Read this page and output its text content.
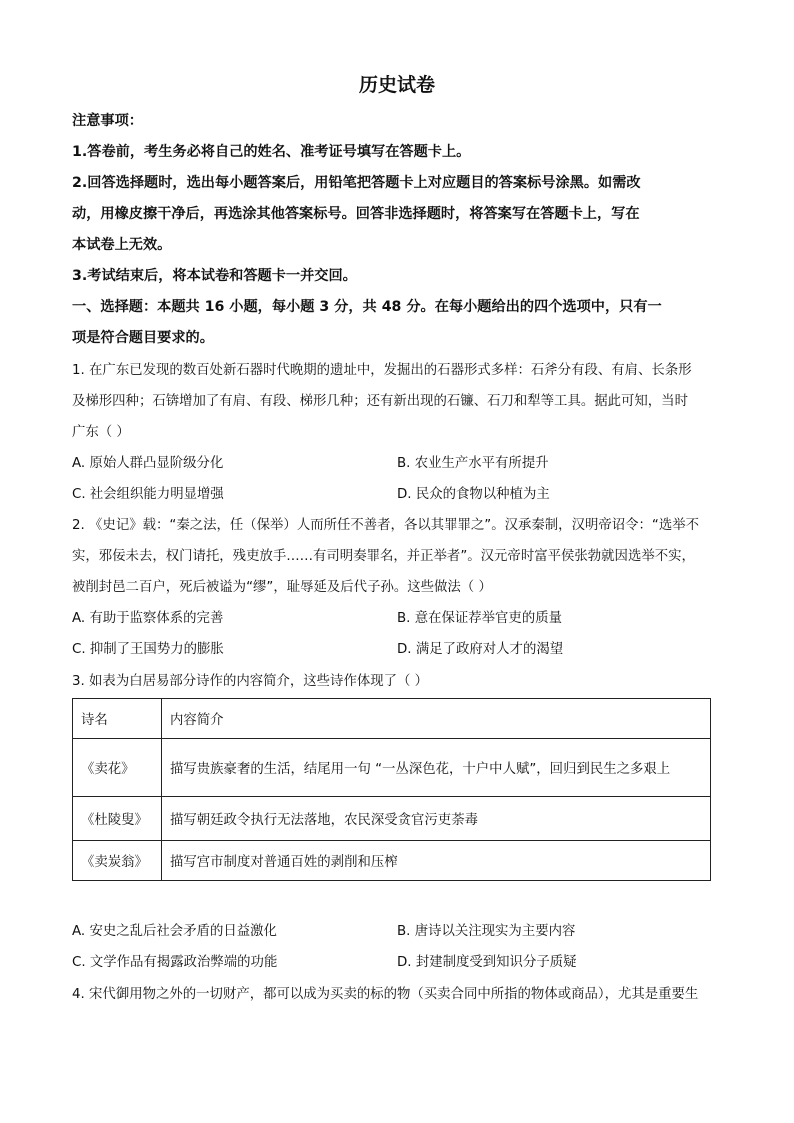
历史试卷
注意事项：
1.答卷前，考生务必将自己的姓名、准考证号填写在答题卡上。
2.回答选择题时，选出每小题答案后，用铅笔把答题卡上对应题目的答案标号涂黑。如需改
动，用橡皮擦干净后，再选涂其他答案标号。回答非选择题时，将答案写在答题卡上，写在
本试卷上无效。
3.考试结束后，将本试卷和答题卡一并交回。
一、选择题：本题共 16 小题，每小题 3 分，共 48 分。在每小题给出的四个选项中，只有一
项是符合题目要求的。
1. 在广东已发现的数百处新石器时代晚期的遗址中，发掘出的石器形式多样：石斧分有段、有肩、长条形
及梯形四种；石锛增加了有肩、有段、梯形几种；还有新出现的石镰、石刀和犁等工具。据此可知，当时
广东（ ）
A. 原始人群凸显阶级分化	B. 农业生产水平有所提升
C. 社会组织能力明显增强	D. 民众的食物以种植为主
2. 《史记》载：“秦之法，任（保举）人而所任不善者，各以其罪罪之”。汉承秦制，汉明帝诏令：“选举不
实，邪佞未去，权门请托，残吏放手……有司明奏罪名，并正举者”。汉元帝时富平侯张勃就因选举不实，
被削封邑二百户，死后被谥为“缪”，耻辱延及后代子孙。这些做法（ ）
A. 有助于监察体系的完善	B. 意在保证荐举官吏的质量
C. 抑制了王国势力的膨胀	D. 满足了政府对人才的渴望
3. 如表为白居易部分诗作的内容简介，这些诗作体现了（ ）
诗名	内容简介
《卖花》	描写贵族豪奢的生活，结尾用一句 “一丛深色花，十户中人赋”，回归到民生之多艰上
《杜陵叟》	描写朝廷政令执行无法落地，农民深受贪官污吏荼毒
《卖炭翁》	描写宫市制度对普通百姓的剥削和压榨
A. 安史之乱后社会矛盾的日益激化	B. 唐诗以关注现实为主要内容
C. 文学作品有揭露政治弊端的功能	D. 封建制度受到知识分子质疑
4. 宋代御用物之外的一切财产，都可以成为买卖的标的物（买卖合同中所指的物体或商品），尤其是重要生
